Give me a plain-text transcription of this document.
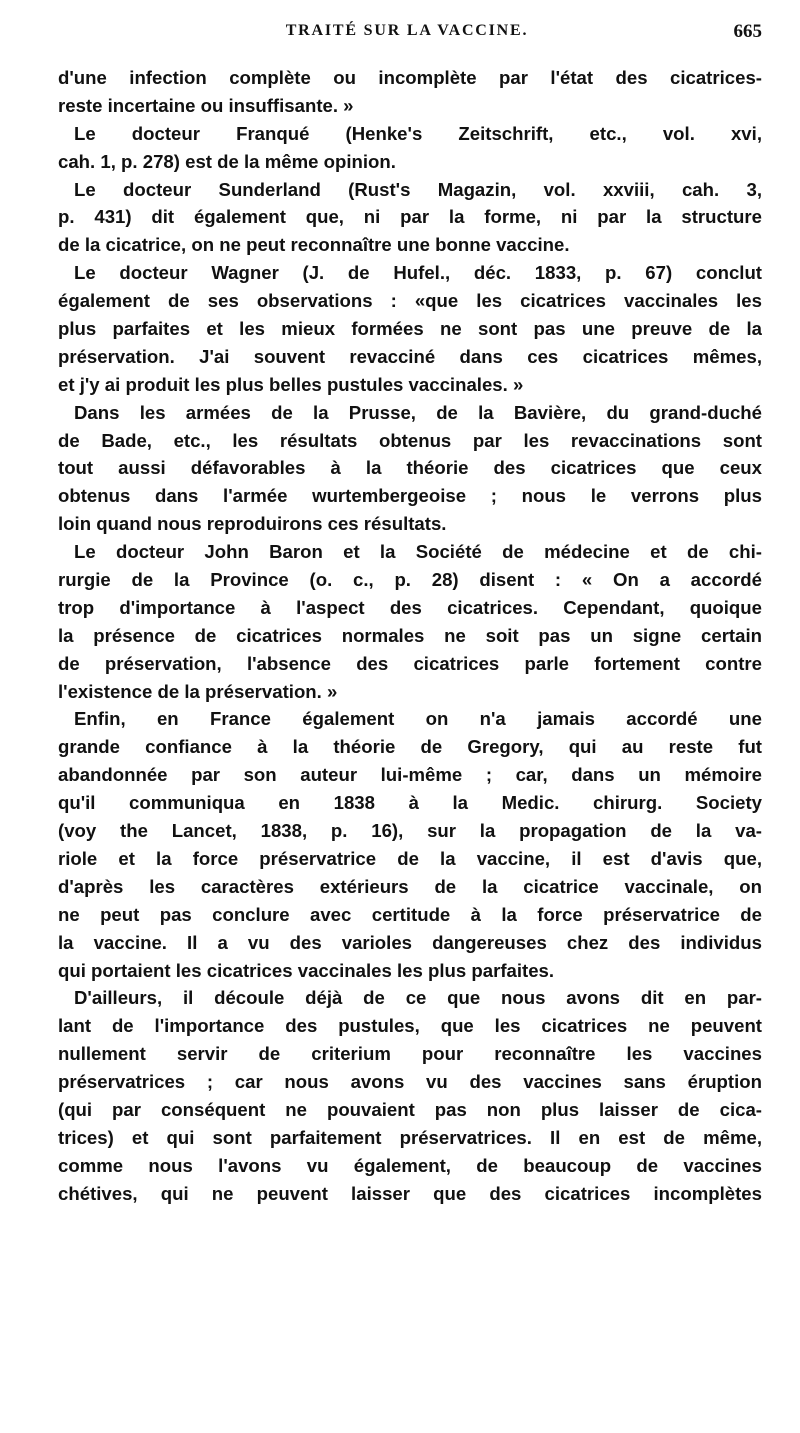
TRAITÉ SUR LA VACCINE.	665
d'une infection complète ou incomplète par l'état des cicatrices-
reste incertaine ou insuffisante. »
Le docteur Franqué (Henke's Zeitschrift, etc., vol. xvi,
cah. 1, p. 278) est de la même opinion.
Le docteur Sunderland (Rust's Magazin, vol. xxviii, cah. 3,
p. 431) dit également que, ni par la forme, ni par la structure
de la cicatrice, on ne peut reconnaître une bonne vaccine.
Le docteur Wagner (J. de Hufel., déc. 1833, p. 67) conclut
également de ses observations : «que les cicatrices vaccinales les
plus parfaites et les mieux formées ne sont pas une preuve de la
préservation. J'ai souvent revacciné dans ces cicatrices mêmes,
et j'y ai produit les plus belles pustules vaccinales. »
Dans les armées de la Prusse, de la Bavière, du grand-duché
de Bade, etc., les résultats obtenus par les revaccinations sont
tout aussi défavorables à la théorie des cicatrices que ceux
obtenus dans l'armée wurtembergeoise ; nous le verrons plus
loin quand nous reproduirons ces résultats.
Le docteur John Baron et la Société de médecine et de chi-
rurgie de la Province (o. c., p. 28) disent : « On a accordé
trop d'importance à l'aspect des cicatrices. Cependant, quoique
la présence de cicatrices normales ne soit pas un signe certain
de préservation, l'absence des cicatrices parle fortement contre
l'existence de la préservation. »
Enfin, en France également on n'a jamais accordé une
grande confiance à la théorie de Gregory, qui au reste fut
abandonnée par son auteur lui-même ; car, dans un mémoire
qu'il communiqua en 1838 à la Medic. chirurg. Society
(voy the Lancet, 1838, p. 16), sur la propagation de la va-
riole et la force préservatrice de la vaccine, il est d'avis que,
d'après les caractères extérieurs de la cicatrice vaccinale, on
ne peut pas conclure avec certitude à la force préservatrice de
la vaccine. Il a vu des varioles dangereuses chez des individus
qui portaient les cicatrices vaccinales les plus parfaites.
D'ailleurs, il découle déjà de ce que nous avons dit en par-
lant de l'importance des pustules, que les cicatrices ne peuvent
nullement servir de criterium pour reconnaître les vaccines
préservatrices ; car nous avons vu des vaccines sans éruption
(qui par conséquent ne pouvaient pas non plus laisser de cica-
trices) et qui sont parfaitement préservatrices. Il en est de même,
comme nous l'avons vu également, de beaucoup de vaccines
chétives, qui ne peuvent laisser que des cicatrices incomplètes
